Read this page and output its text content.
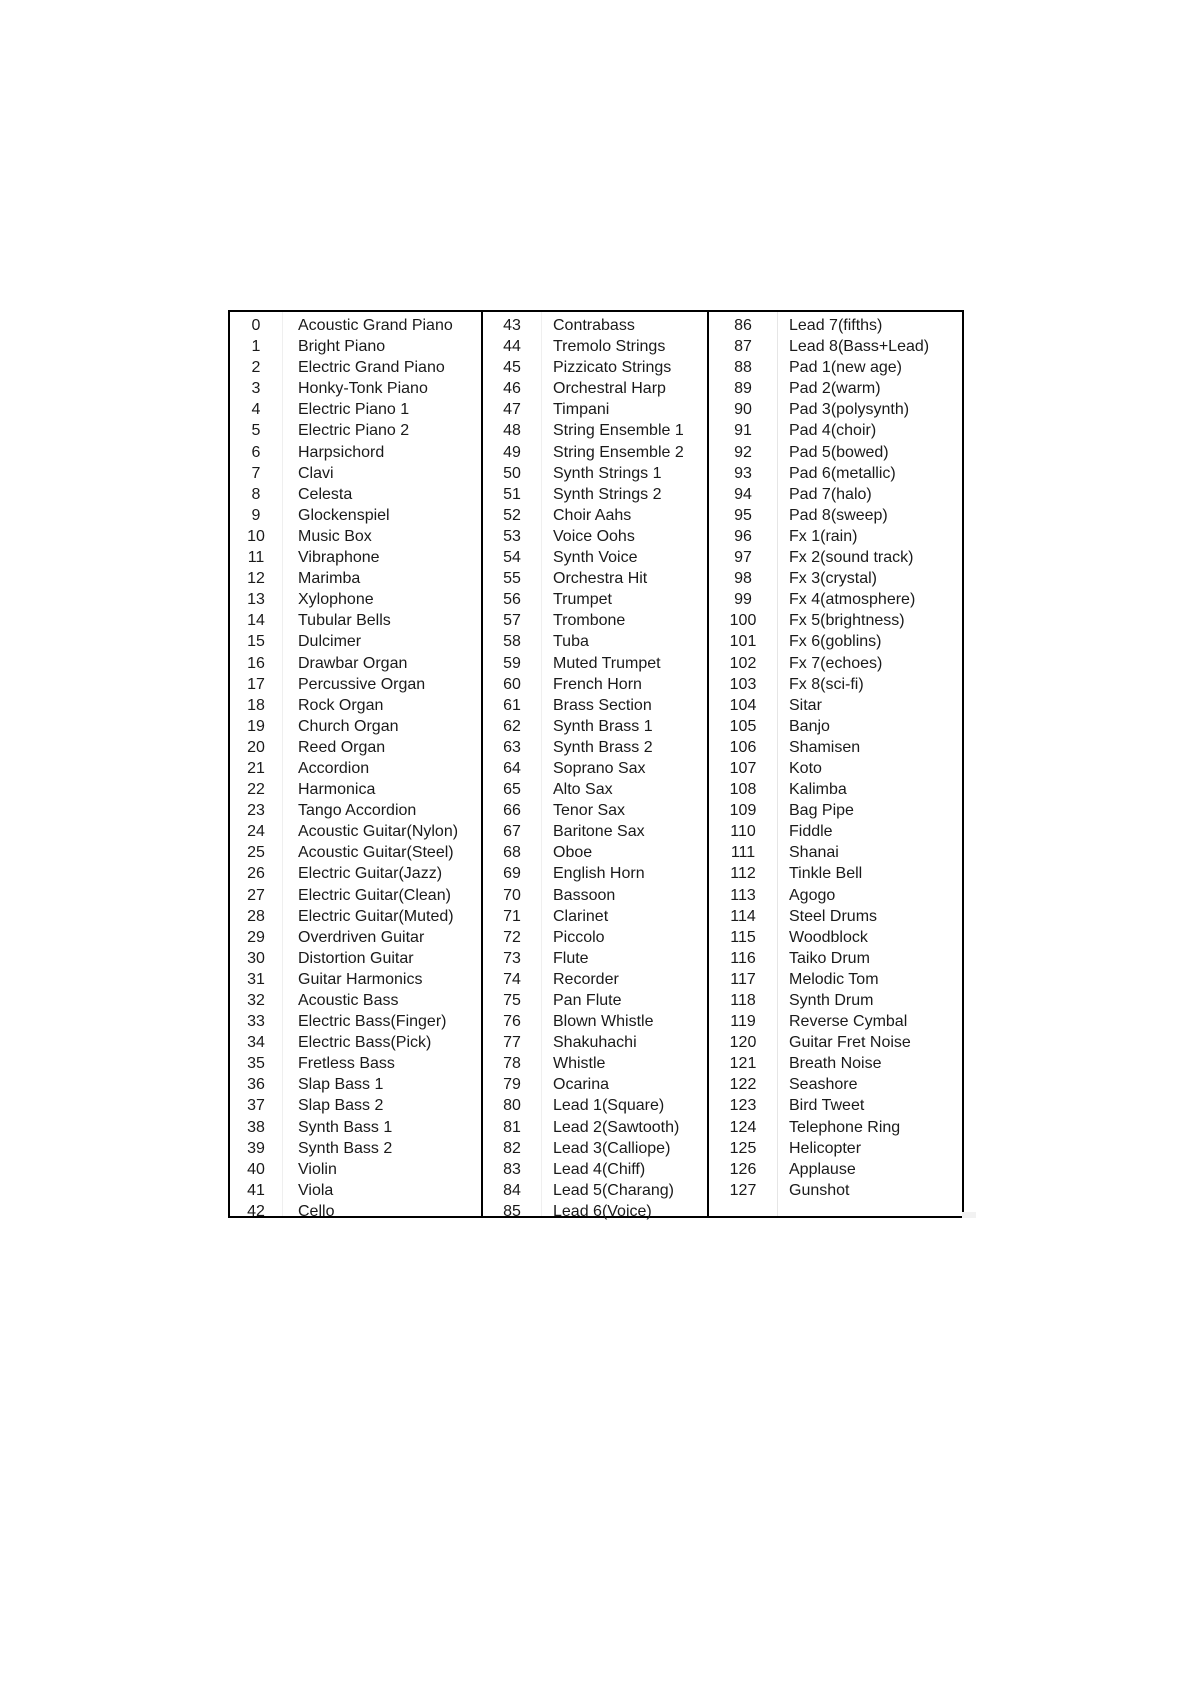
0	Acoustic Grand Piano
1	Bright Piano
2	Electric Grand Piano
3	Honky-Tonk Piano
4	Electric Piano 1
5	Electric Piano 2
6	Harpsichord
7	Clavi
8	Celesta
9	Glockenspiel
10	Music Box
11	Vibraphone
12	Marimba
13	Xylophone
14	Tubular Bells
15	Dulcimer
16	Drawbar Organ
17	Percussive Organ
18	Rock Organ
19	Church Organ
20	Reed Organ
21	Accordion
22	Harmonica
23	Tango Accordion
24	Acoustic Guitar(Nylon)
25	Acoustic Guitar(Steel)
26	Electric Guitar(Jazz)
27	Electric Guitar(Clean)
28	Electric Guitar(Muted)
29	Overdriven Guitar
30	Distortion Guitar
31	Guitar Harmonics
32	Acoustic Bass
33	Electric Bass(Finger)
34	Electric Bass(Pick)
35	Fretless Bass
36	Slap Bass 1
37	Slap Bass 2
38	Synth Bass 1
39	Synth Bass 2
40	Violin
41	Viola
42	Cello
43	Contrabass
44	Tremolo Strings
45	Pizzicato Strings
46	Orchestral Harp
47	Timpani
48	String Ensemble 1
49	String Ensemble 2
50	Synth Strings 1
51	Synth Strings 2
52	Choir Aahs
53	Voice Oohs
54	Synth Voice
55	Orchestra Hit
56	Trumpet
57	Trombone
58	Tuba
59	Muted Trumpet
60	French Horn
61	Brass Section
62	Synth Brass 1
63	Synth Brass 2
64	Soprano Sax
65	Alto Sax
66	Tenor Sax
67	Baritone Sax
68	Oboe
69	English Horn
70	Bassoon
71	Clarinet
72	Piccolo
73	Flute
74	Recorder
75	Pan Flute
76	Blown Whistle
77	Shakuhachi
78	Whistle
79	Ocarina
80	Lead 1(Square)
81	Lead 2(Sawtooth)
82	Lead 3(Calliope)
83	Lead 4(Chiff)
84	Lead 5(Charang)
85	Lead 6(Voice)
86	Lead 7(fifths)
87	Lead 8(Bass+Lead)
88	Pad 1(new age)
89	Pad 2(warm)
90	Pad 3(polysynth)
91	Pad 4(choir)
92	Pad 5(bowed)
93	Pad 6(metallic)
94	Pad 7(halo)
95	Pad 8(sweep)
96	Fx 1(rain)
97	Fx 2(sound track)
98	Fx 3(crystal)
99	Fx 4(atmosphere)
100	Fx 5(brightness)
101	Fx 6(goblins)
102	Fx 7(echoes)
103	Fx 8(sci-fi)
104	Sitar
105	Banjo
106	Shamisen
107	Koto
108	Kalimba
109	Bag Pipe
110	Fiddle
111	Shanai
112	Tinkle Bell
113	Agogo
114	Steel Drums
115	Woodblock
116	Taiko Drum
117	Melodic Tom
118	Synth Drum
119	Reverse Cymbal
120	Guitar Fret Noise
121	Breath Noise
122	Seashore
123	Bird Tweet
124	Telephone Ring
125	Helicopter
126	Applause
127	Gunshot
